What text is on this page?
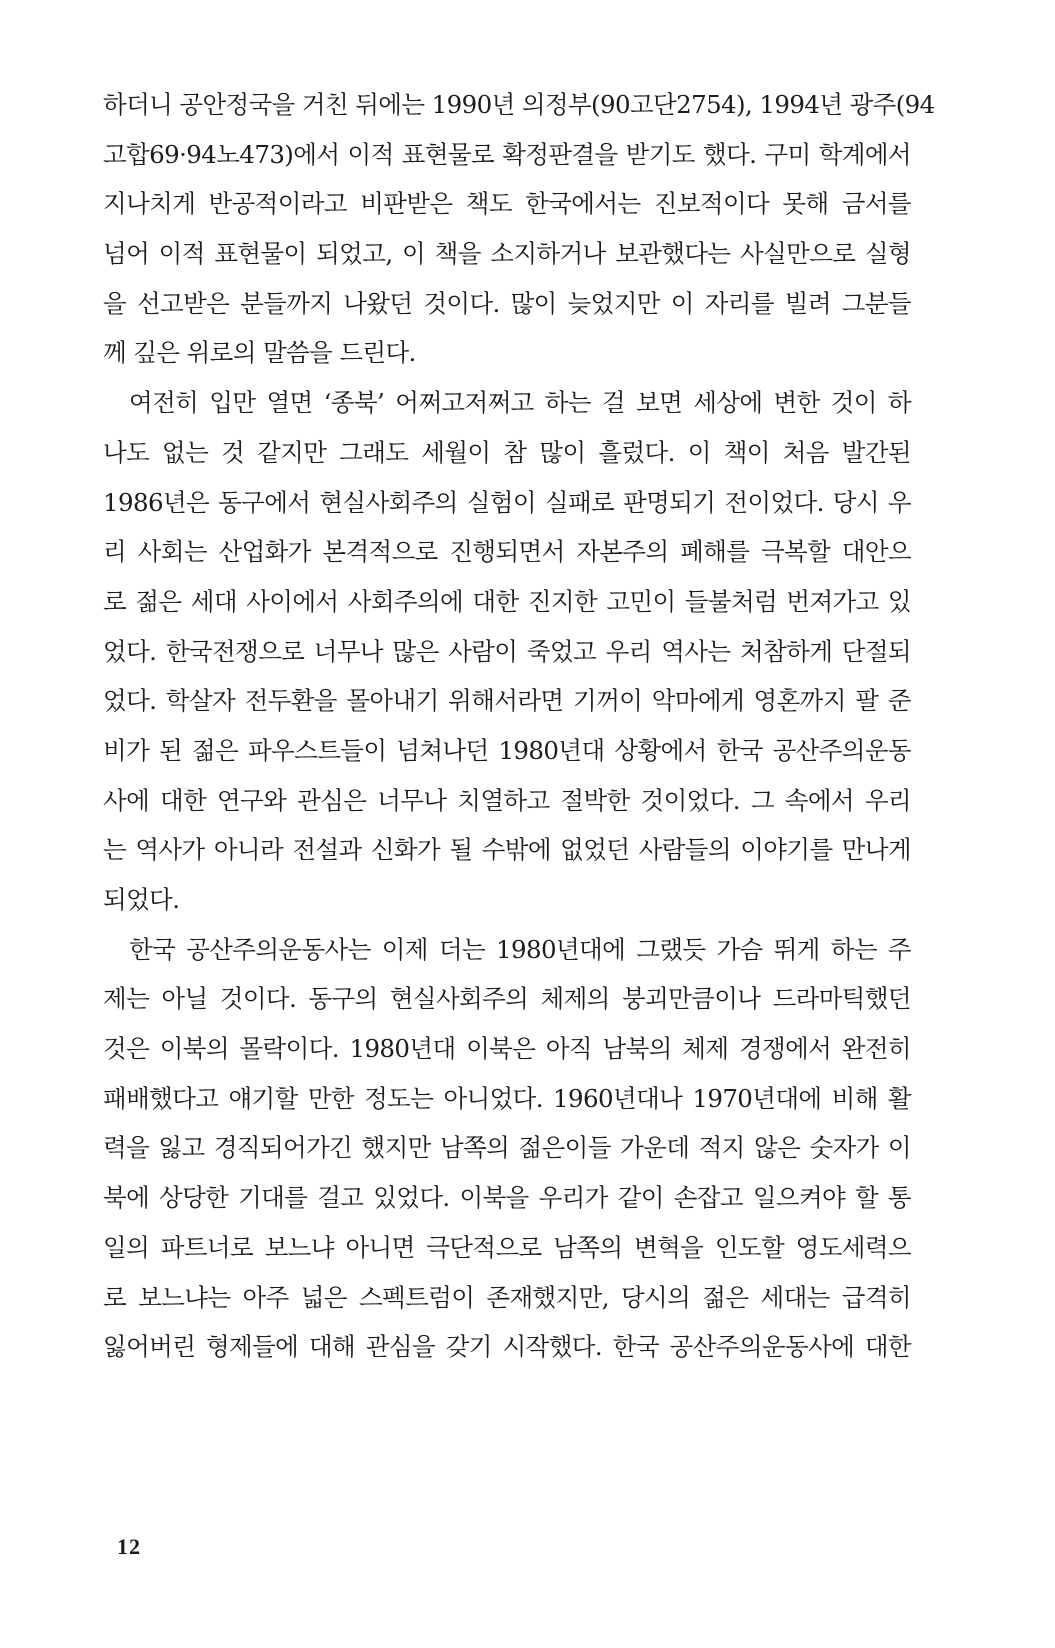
하더니 공안정국을 거친 뒤에는 1990년 의정부(90고단2754), 1994년 광주(94
고합69·94노473)에서 이적 표현물로 확정판결을 받기도 했다. 구미 학계에서
지나치게 반공적이라고 비판받은 책도 한국에서는 진보적이다 못해 금서를
넘어 이적 표현물이 되었고, 이 책을 소지하거나 보관했다는 사실만으로 실형
을 선고받은 분들까지 나왔던 것이다. 많이 늦었지만 이 자리를 빌려 그분들
께 깊은 위로의 말씀을 드린다.
여전히 입만 열면 ‘종북’ 어쩌고저쩌고 하는 걸 보면 세상에 변한 것이 하
나도 없는 것 같지만 그래도 세월이 참 많이 흘렀다. 이 책이 처음 발간된
1986년은 동구에서 현실사회주의 실험이 실패로 판명되기 전이었다. 당시 우
리 사회는 산업화가 본격적으로 진행되면서 자본주의 폐해를 극복할 대안으
로 젊은 세대 사이에서 사회주의에 대한 진지한 고민이 들불처럼 번져가고 있
었다. 한국전쟁으로 너무나 많은 사람이 죽었고 우리 역사는 처참하게 단절되
었다. 학살자 전두환을 몰아내기 위해서라면 기꺼이 악마에게 영혼까지 팔 준
비가 된 젊은 파우스트들이 넘쳐나던 1980년대 상황에서 한국 공산주의운동
사에 대한 연구와 관심은 너무나 치열하고 절박한 것이었다. 그 속에서 우리
는 역사가 아니라 전설과 신화가 될 수밖에 없었던 사람들의 이야기를 만나게
되었다.
한국 공산주의운동사는 이제 더는 1980년대에 그랬듯 가슴 뛰게 하는 주
제는 아닐 것이다. 동구의 현실사회주의 체제의 붕괴만큼이나 드라마틱했던
것은 이북의 몰락이다. 1980년대 이북은 아직 남북의 체제 경쟁에서 완전히
패배했다고 얘기할 만한 정도는 아니었다. 1960년대나 1970년대에 비해 활
력을 잃고 경직되어가긴 했지만 남쪽의 젊은이들 가운데 적지 않은 숫자가 이
북에 상당한 기대를 걸고 있었다. 이북을 우리가 같이 손잡고 일으켜야 할 통
일의 파트너로 보느냐 아니면 극단적으로 남쪽의 변혁을 인도할 영도세력으
로 보느냐는 아주 넓은 스펙트럼이 존재했지만, 당시의 젊은 세대는 급격히
잃어버린 형제들에 대해 관심을 갖기 시작했다. 한국 공산주의운동사에 대한
12
